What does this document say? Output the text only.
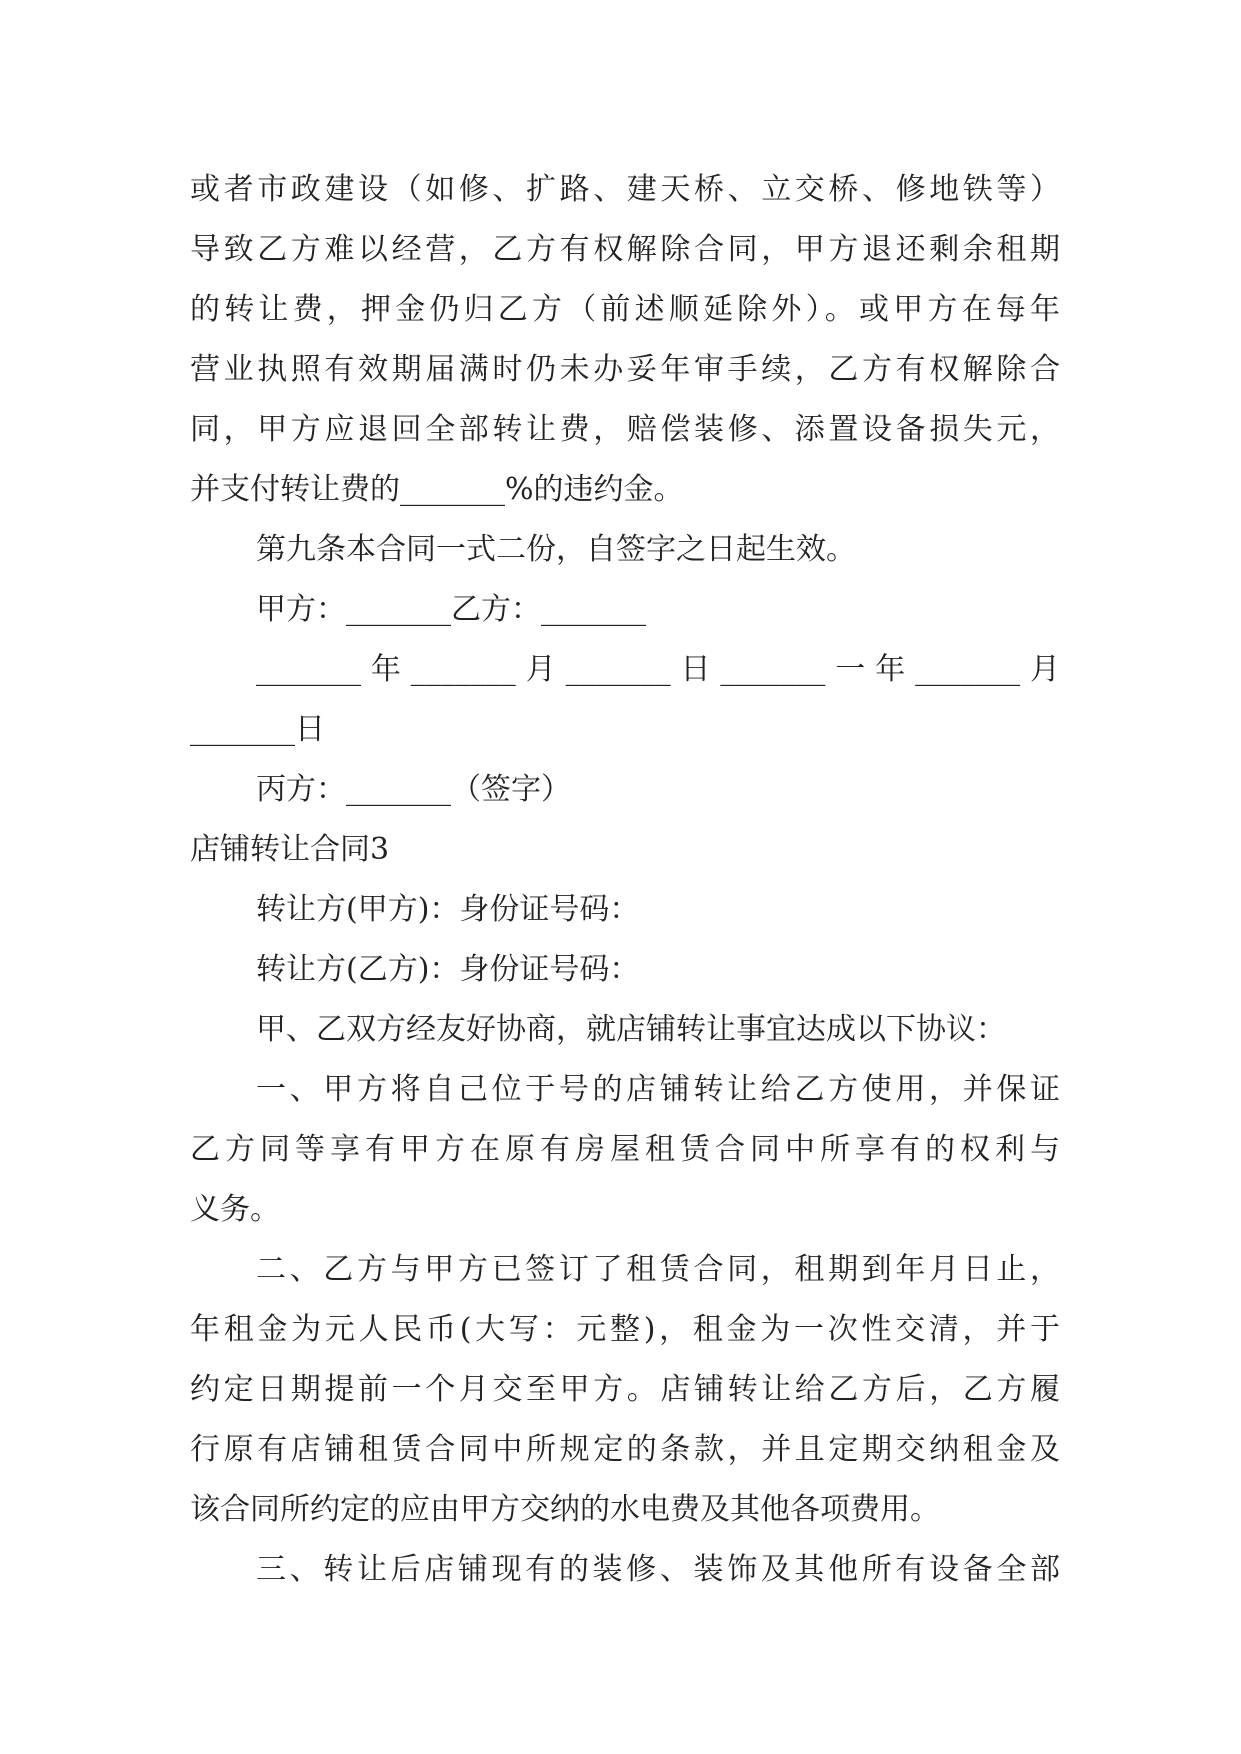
或者市政建设（如修、扩路、建天桥、立交桥、修地铁等）
导致乙方难以经营，乙方有权解除合同，甲方退还剩余租期
的转让费，押金仍归乙方（前述顺延除外）。或甲方在每年
营业执照有效期届满时仍未办妥年审手续，乙方有权解除合
同，甲方应退回全部转让费，赔偿装修、添置设备损失元，
并支付转让费的_______%的违约金。
第九条本合同一式二份，自签字之日起生效。
甲方：_______乙方：_______
_______年_______月_______日_______一年_______月
_______日
丙方：_______（签字）
店铺转让合同3
转让方(甲方)：身份证号码：
转让方(乙方)：身份证号码：
甲、乙双方经友好协商，就店铺转让事宜达成以下协议：
一、甲方将自己位于号的店铺转让给乙方使用，并保证
乙方同等享有甲方在原有房屋租赁合同中所享有的权利与
义务。
二、乙方与甲方已签订了租赁合同，租期到年月日止，
年租金为元人民币(大写：元整)，租金为一次性交清，并于
约定日期提前一个月交至甲方。店铺转让给乙方后，乙方履
行原有店铺租赁合同中所规定的条款，并且定期交纳租金及
该合同所约定的应由甲方交纳的水电费及其他各项费用。
三、转让后店铺现有的装修、装饰及其他所有设备全部
